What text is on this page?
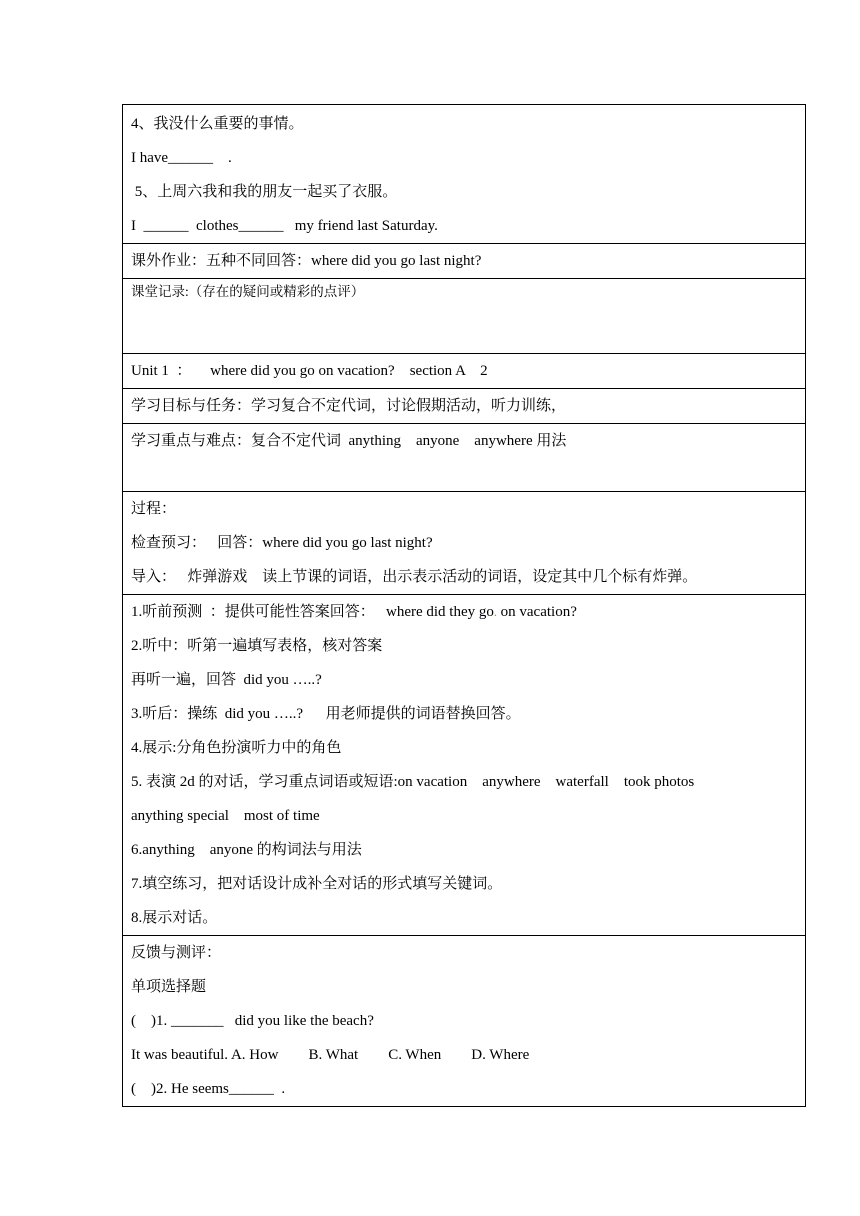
4、我没什么重要的事情。
I have______    .
5、上周六我和我的朋友一起买了衣服。
I  ______  clothes______   my friend last Saturday.

课外作业：五种不同回答：where did you go last night?

课堂记录:（存在的疑问或精彩的点评）

Unit 1  ：     where did you go on vacation?    section A    2

学习目标与任务：学习复合不定代词，讨论假期活动，听力训练，

学习重点与难点：复合不定代词  anything    anyone    anywhere 用法

过程：
检查预习：   回答：where did you go last night?
导入：   炸弹游戏    读上节课的词语，出示表示活动的词语，设定其中几个标有炸弹。

1.听前预测  ：提供可能性答案回答：   where did they go. on vacation?
2.听中：听第一遍填写表格，核对答案
再听一遍，回答  did you …..?
3.听后：操练  did you …..?      用老师提供的词语替换回答。
4.展示:分角色扮演听力中的角色
5. 表演 2d 的对话，学习重点词语或短语:on vacation    anywhere    waterfall    took photos
anything special    most of time
6.anything    anyone 的构词法与用法
7.填空练习，把对话设计成补全对话的形式填写关键词。
8.展示对话。

反馈与测评：
单项选择题
(    )1. _______   did you like the beach?
It was beautiful. A. How        B. What        C. When        D. Where
(    )2. He seems______  .
